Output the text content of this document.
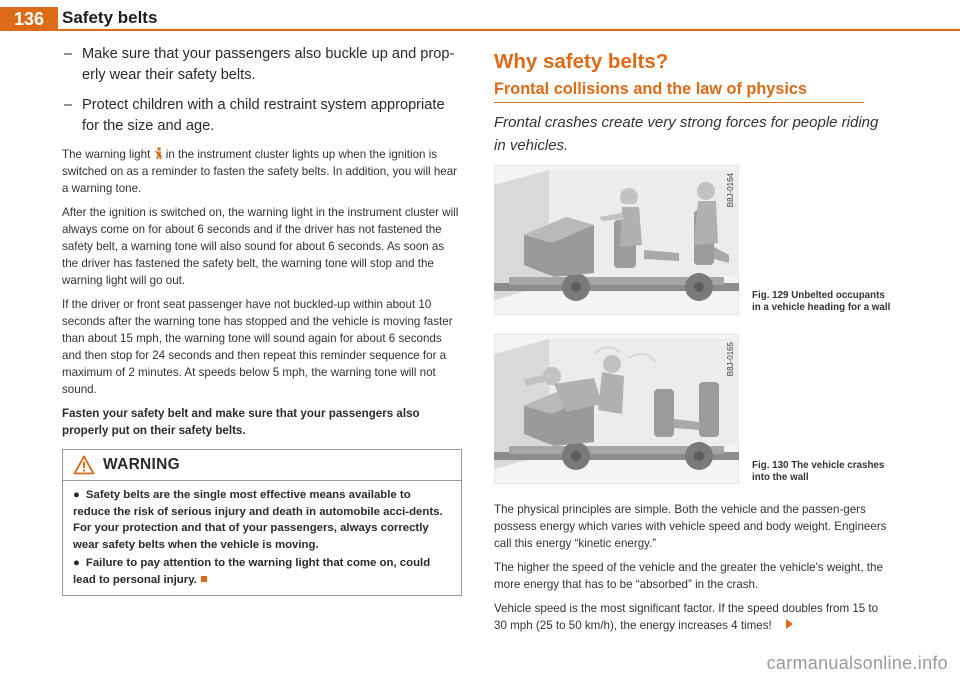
136	Safety belts
– Make sure that your passengers also buckle up and prop-erly wear their safety belts.
– Protect children with a child restraint system appropriate for the size and age.

The warning light in the instrument cluster lights up when the ignition is switched on as a reminder to fasten the safety belts. In addition, you will hear a warning tone.

After the ignition is switched on, the warning light in the instrument cluster will always come on for about 6 seconds and if the driver has not fastened the safety belt, a warning tone will also sound for about 6 seconds. As soon as the driver has fastened the safety belt, the warning tone will stop and the warning light will go out.

If the driver or front seat passenger have not buckled-up within about 10 seconds after the warning tone has stopped and the vehicle is moving faster than about 15 mph, the warning tone will sound again for about 6 seconds and then stop for 24 seconds and then repeat this reminder sequence for a maximum of 2 minutes. At speeds below 5 mph, the warning tone will not sound.

Fasten your safety belt and make sure that your passengers also properly put on their safety belts.

WARNING

● Safety belts are the single most effective means available to reduce the risk of serious injury and death in automobile acci-dents. For your protection and that of your passengers, always correctly wear safety belts when the vehicle is moving.

● Failure to pay attention to the warning light that come on, could lead to personal injury.

Why safety belts?
Frontal collisions and the law of physics

Frontal crashes create very strong forces for people riding in vehicles.

B8J-0164
Fig. 129 Unbelted occupants in a vehicle heading for a wall
B8J-0165
Fig. 130 The vehicle crashes into the wall

The physical principles are simple. Both the vehicle and the passen-gers possess energy which varies with vehicle speed and body weight. Engineers call this energy “kinetic energy.”

The higher the speed of the vehicle and the greater the vehicle's weight, the more energy that has to be “absorbed” in the crash.

Vehicle speed is the most significant factor. If the speed doubles from 15 to 30 mph (25 to 50 km/h), the energy increases 4 times!

carmanualsonline.info
